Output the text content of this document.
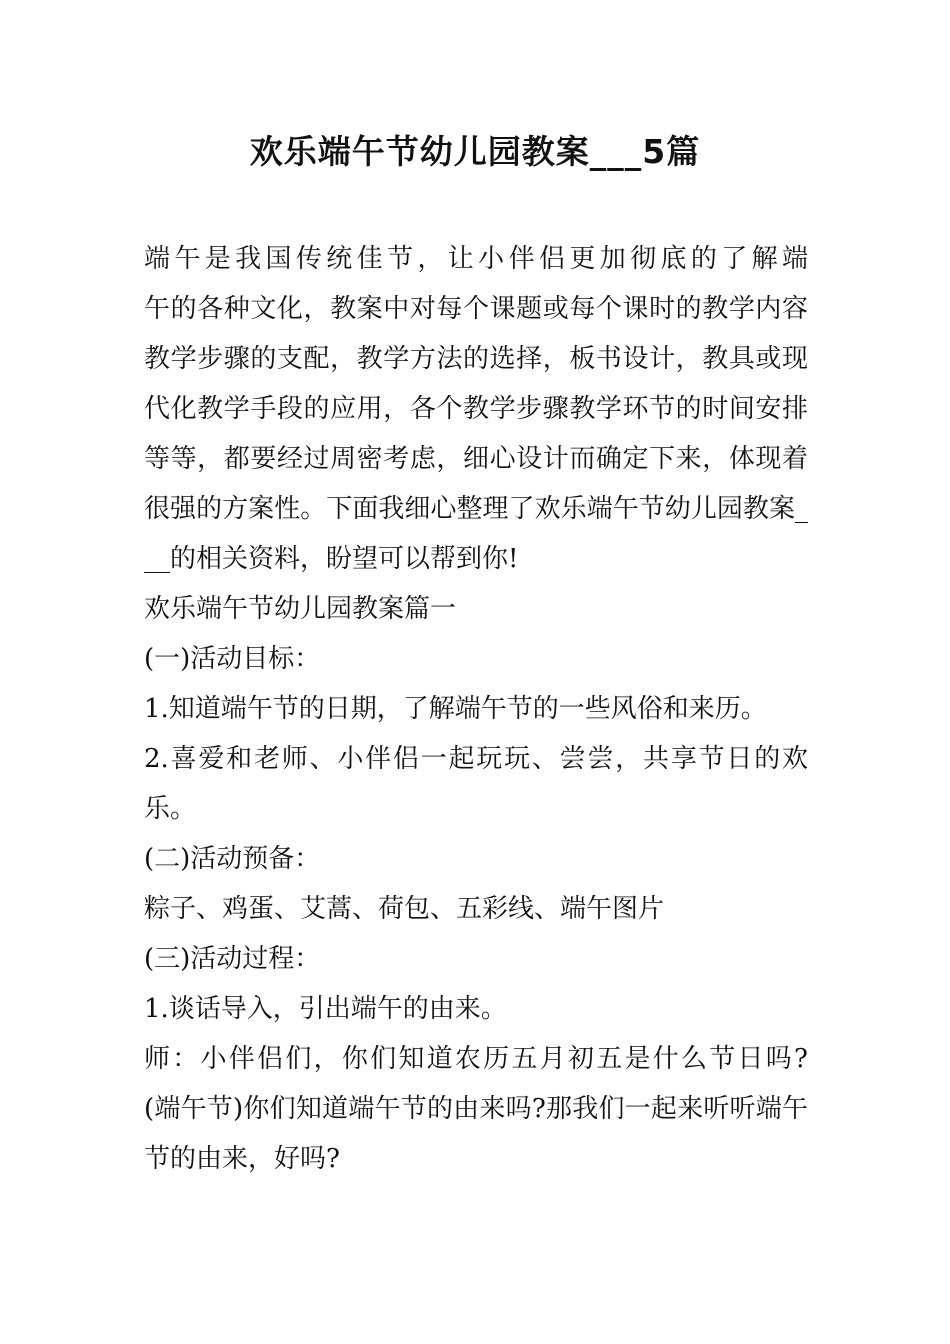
欢乐端午节幼儿园教案___5篇

端午是我国传统佳节，让小伴侣更加彻底的了解端

午的各种文化，教案中对每个课题或每个课时的教学内容

教学步骤的支配，教学方法的选择，板书设计，教具或现

代化教学手段的应用，各个教学步骤教学环节的时间安排

等等，都要经过周密考虑，细心设计而确定下来，体现着

很强的方案性。下面我细心整理了欢乐端午节幼儿园教案_

__的相关资料，盼望可以帮到你!

欢乐端午节幼儿园教案篇一

(一)活动目标：

1.知道端午节的日期，了解端午节的一些风俗和来历。

2.喜爱和老师、小伴侣一起玩玩、尝尝，共享节日的欢

乐。

(二)活动预备：

粽子、鸡蛋、艾蒿、荷包、五彩线、端午图片

(三)活动过程：

1.谈话导入，引出端午的由来。

师：小伴侣们，你们知道农历五月初五是什么节日吗?

(端午节)你们知道端午节的由来吗?那我们一起来听听端午

节的由来，好吗?
